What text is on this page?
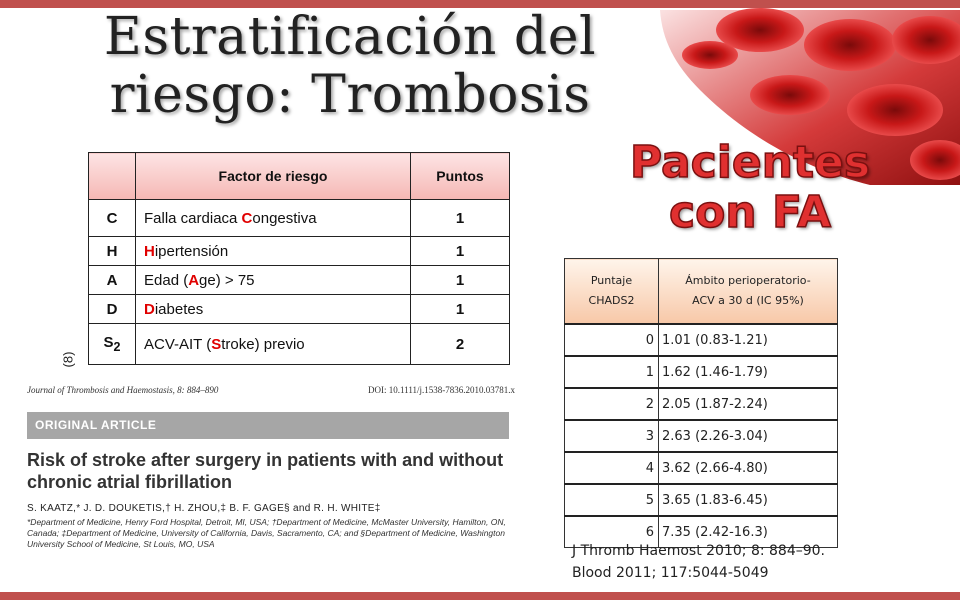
Estratificación del
riesgo: Trombosis
Pacientes
con FA
	Factor de riesgo	Puntos
C	Falla cardiaca Congestiva	1
H	Hipertensión	1
A	Edad (Age) > 75	1
D	Diabetes	1
$S_2$	ACV-AIT (Stroke) previo	2
(8)
Journal of Thrombosis and Haemostasis, 8: 884–890	DOI: 10.1111/j.1538-7836.2010.03781.x
ORIGINAL ARTICLE
Risk of stroke after surgery in patients with and without chronic atrial fibrillation
S. KAATZ,* J. D. DOUKETIS,† H. ZHOU,‡ B. F. GAGE§ and R. H. WHITE‡
*Department of Medicine, Henry Ford Hospital, Detroit, MI, USA; †Department of Medicine, McMaster University, Hamilton, ON, Canada; ‡Department of Medicine, University of California, Davis, Sacramento, CA; and §Department of Medicine, Washington University School of Medicine, St Louis, MO, USA
Puntaje
CHADS2	Ámbito perioperatorio-
ACV a 30 d (IC 95%)
0	1.01 (0.83-1.21)
1	1.62 (1.46-1.79)
2	2.05 (1.87-2.24)
3	2.63 (2.26-3.04)
4	3.62 (2.66-4.80)
5	3.65 (1.83-6.45)
6	7.35 (2.42-16.3)
J Thromb Haemost 2010; 8: 884–90.
Blood 2011; 117:5044-5049
